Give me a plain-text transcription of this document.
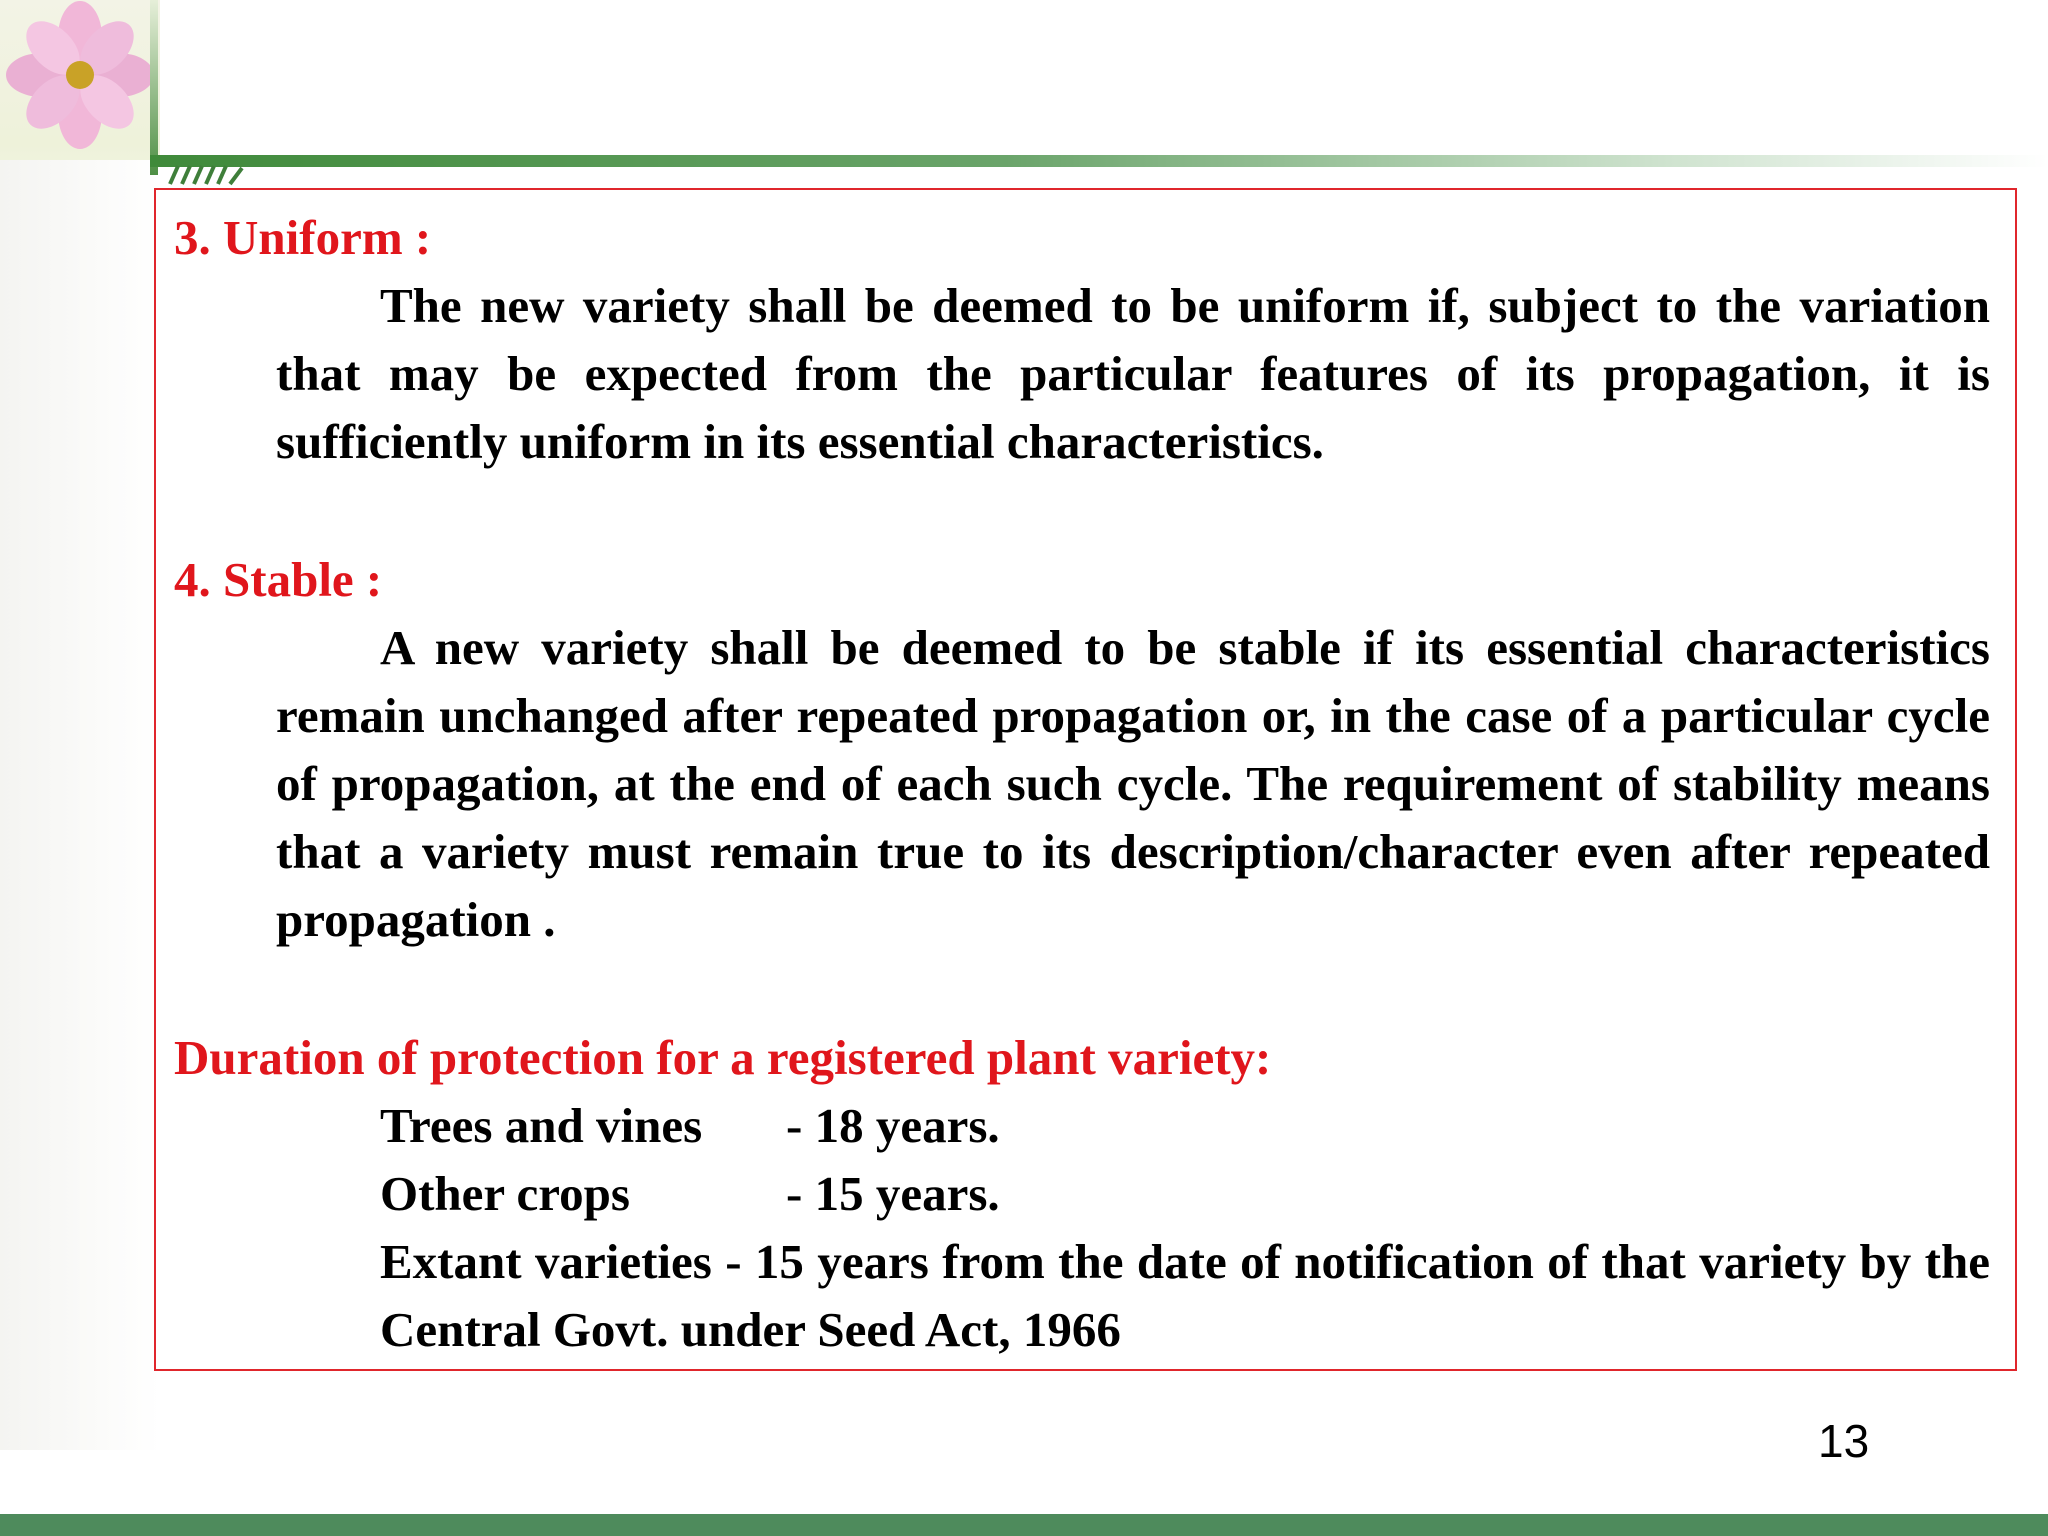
3. Uniform :
The new variety shall be deemed to be uniform if, subject to the variation that may be expected from the particular features of its propagation, it is sufficiently uniform in its essential characteristics.
4. Stable :
A new variety shall be deemed to be stable if its essential characteristics remain unchanged after repeated propagation or, in the case of a particular cycle of propagation, at the end of each such cycle. The requirement of stability means that a variety must remain true to its description/character even after repeated propagation .
Duration of protection for a registered plant variety:
Trees and vines - 18 years.
Other crops	- 15 years.
Extant varieties - 15 years from the date of notification of that variety by the Central Govt. under Seed Act, 1966
13
